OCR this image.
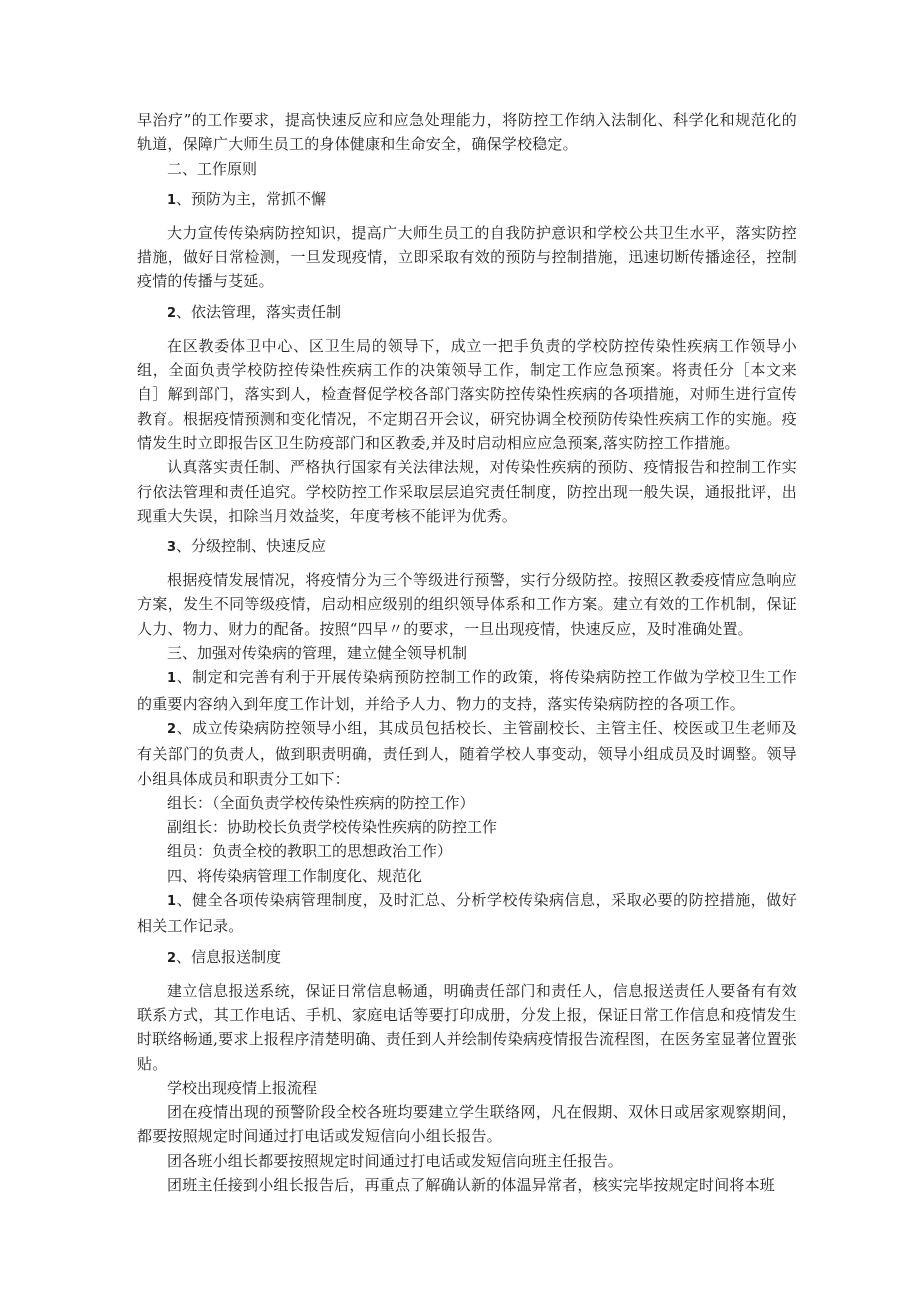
早治疗”的工作要求，提高快速反应和应急处理能力，将防控工作纳入法制化、科学化和规范化的轨道，保障广大师生员工的身体健康和生命安全，确保学校稳定。

二、工作原则

1、预防为主，常抓不懈

大力宣传传染病防控知识，提高广大师生员工的自我防护意识和学校公共卫生水平，落实防控措施，做好日常检测，一旦发现疫情，立即采取有效的预防与控制措施，迅速切断传播途径，控制疫情的传播与芟延。

2、依法管理，落实责任制

在区教委体卫中心、区卫生局的领导下，成立一把手负责的学校防控传染性疾病工作领导小组，全面负责学校防控传染性疾病工作的决策领导工作，制定工作应急预案。将责任分［本文来自］解到部门，落实到人，检查督促学校各部门落实防控传染性疾病的各项措施，对师生进行宣传教育。根据疫情预测和变化情况，不定期召开会议，研究协调全校预防传染性疾病工作的实施。疫情发生时立即报告区卫生防疫部门和区教委,并及时启动相应应急预案,落实防控工作措施。

认真落实责任制、严格执行国家有关法律法规，对传染性疾病的预防、疫情报告和控制工作实行依法管理和责任追究。学校防控工作采取层层追究责任制度，防控出现一般失误，通报批评，出现重大失误，扣除当月效益奖，年度考核不能评为优秀。

3、分级控制、快速反应

根据疫情发展情况，将疫情分为三个等级进行预警，实行分级防控。按照区教委疫情应急响应方案，发生不同等级疫情，启动相应级别的组织领导体系和工作方案。建立有效的工作机制，保证人力、物力、财力的配备。按照“四早〃的要求，一旦出现疫情，快速反应，及时准确处置。

三、加强对传染病的管理，建立健全领导机制

1、制定和完善有利于开展传染病预防控制工作的政策，将传染病防控工作做为学校卫生工作的重要内容纳入到年度工作计划，并给予人力、物力的支持，落实传染病防控的各项工作。

2、成立传染病防控领导小组，其成员包括校长、主管副校长、主管主任、校医或卫生老师及有关部门的负责人，做到职责明确，责任到人，随着学校人事变动，领导小组成员及时调整。领导小组具体成员和职责分工如下：

组长：（全面负责学校传染性疾病的防控工作）

副组长：协助校长负责学校传染性疾病的防控工作

组员：负责全校的教职工的思想政治工作）

四、将传染病管理工作制度化、规范化

1、健全各项传染病管理制度，及时汇总、分析学校传染病信息，采取必要的防控措施，做好相关工作记录。

2、信息报送制度

建立信息报送系统，保证日常信息畅通，明确责任部门和责任人，信息报送责任人要备有有效联系方式，其工作电话、手机、家庭电话等要打印成册，分发上报，保证日常工作信息和疫情发生时联络畅通,要求上报程序清楚明确、责任到人并绘制传染病疫情报告流程图，在医务室显著位置张贴。

学校出现疫情上报流程

团在疫情出现的预警阶段全校各班均要建立学生联络网，凡在假期、双休日或居家观察期间，都要按照规定时间通过打电话或发短信向小组长报告。

团各班小组长都要按照规定时间通过打电话或发短信向班主任报告。

团班主任接到小组长报告后，再重点了解确认新的体温异常者，核实完毕按规定时间将本班
